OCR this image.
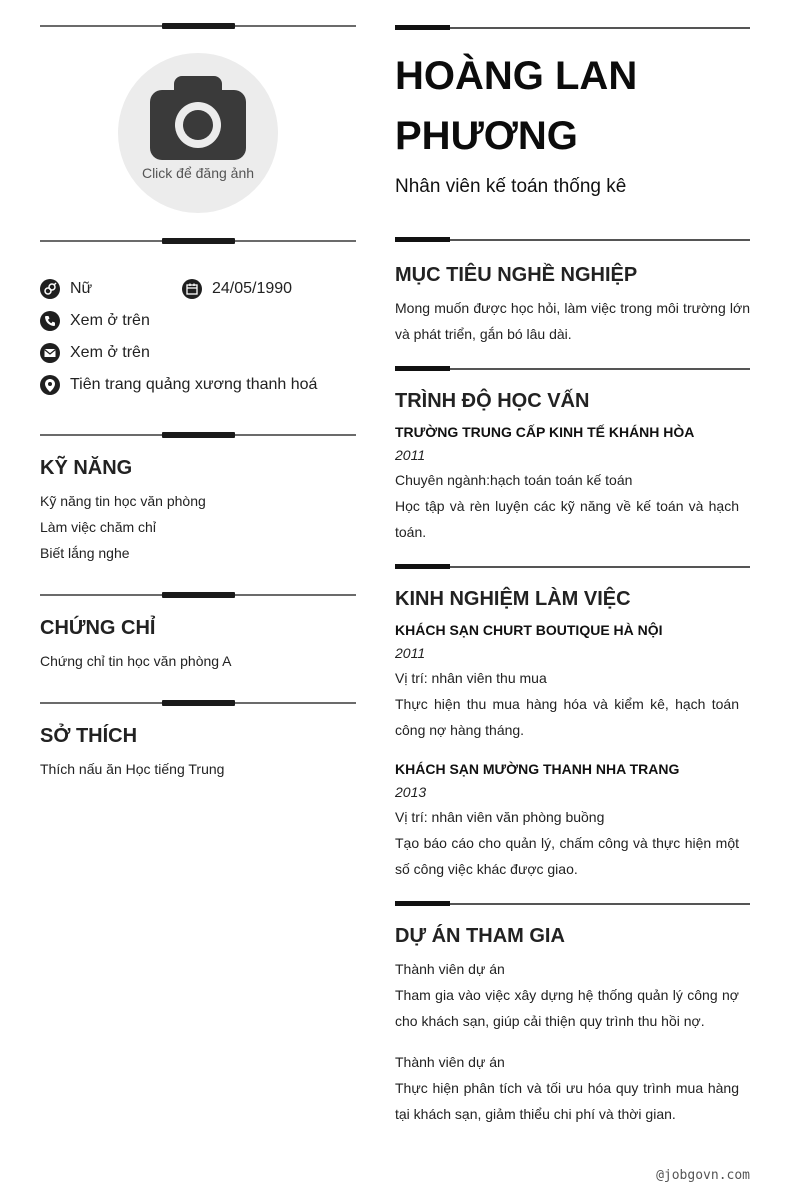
Click để đăng ảnh
Nữ	24/05/1990
Xem ở trên
Xem ở trên
Tiên trang quảng xương thanh hoá
KỸ NĂNG
Kỹ năng tin học văn phòng
Làm việc chăm chỉ
Biết lắng nghe
CHỨNG CHỈ
Chứng chỉ tin học văn phòng A
SỞ THÍCH
Thích nấu ăn Học tiếng Trung
HOÀNG LAN PHƯƠNG
Nhân viên kế toán thống kê
MỤC TIÊU NGHỀ NGHIỆP
Mong muốn được học hỏi, làm việc trong môi trường lớn và phát triển, gắn bó lâu dài.
TRÌNH ĐỘ HỌC VẤN
TRƯỜNG TRUNG CẤP KINH TẾ KHÁNH HÒA
2011
Chuyên ngành:hạch toán toán kế toán
Học tập và rèn luyện các kỹ năng về kế toán và hạch toán.
KINH NGHIỆM LÀM VIỆC
KHÁCH SẠN CHURT BOUTIQUE HÀ NỘI
2011
Vị trí: nhân viên thu mua
Thực hiện thu mua hàng hóa và kiểm kê, hạch toán công nợ hàng tháng.
KHÁCH SẠN MƯỜNG THANH NHA TRANG
2013
Vị trí: nhân viên văn phòng buồng
Tạo báo cáo cho quản lý, chấm công và thực hiện một số công việc khác được giao.
DỰ ÁN THAM GIA
Thành viên dự án
Tham gia vào việc xây dựng hệ thống quản lý công nợ cho khách sạn, giúp cải thiện quy trình thu hồi nợ.
Thành viên dự án
Thực hiện phân tích và tối ưu hóa quy trình mua hàng tại khách sạn, giảm thiểu chi phí và thời gian.
@jobgovn.com
